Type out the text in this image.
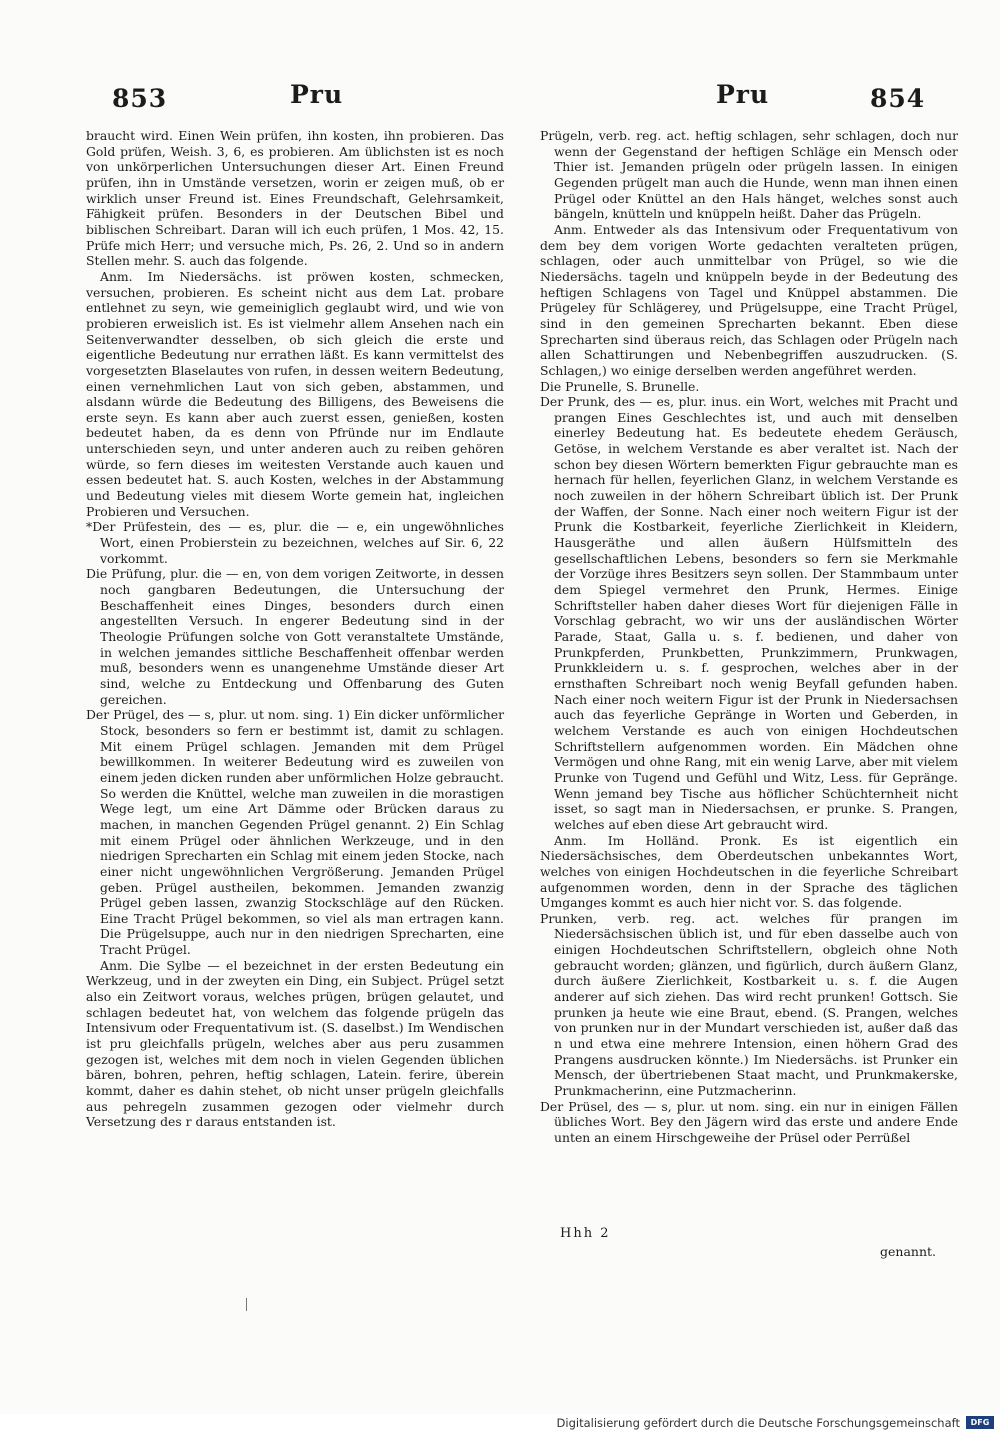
853	Pru	Pru	854

braucht wird. Einen Wein prüfen, ihn kosten, ihn probieren. Das Gold prüfen, Weish. 3, 6, es probieren. Am üblichsten ist es noch von unkörperlichen Untersuchungen dieser Art. Einen Freund prüfen, ihn in Umstände versetzen, worin er zeigen muß, ob er wirklich unser Freund ist. Eines Freundschaft, Gelehrsamkeit, Fähigkeit prüfen. Besonders in der Deutschen Bibel und biblischen Schreibart. Daran will ich euch prüfen, 1 Mos. 42, 15. Prüfe mich Herr; und versuche mich, Ps. 26, 2. Und so in andern Stellen mehr. S. auch das folgende.

Anm. Im Niedersächs. ist pröwen kosten, schmecken, versuchen, probieren. Es scheint nicht aus dem Lat. probare entlehnet zu seyn, wie gemeiniglich geglaubt wird, und wie von probieren erweislich ist. Es ist vielmehr allem Ansehen nach ein Seitenverwandter desselben, ob sich gleich die erste und eigentliche Bedeutung nur errathen läßt. Es kann vermittelst des vorgesetzten Blaselautes von rufen, in dessen weitern Bedeutung, einen vernehmlichen Laut von sich geben, abstammen, und alsdann würde die Bedeutung des Billigens, des Beweisens die erste seyn. Es kann aber auch zuerst essen, genießen, kosten bedeutet haben, da es denn von Pfründe nur im Endlaute unterschieden seyn, und unter anderen auch zu reiben gehören würde, so fern dieses im weitesten Verstande auch kauen und essen bedeutet hat. S. auch Kosten, welches in der Abstammung und Bedeutung vieles mit diesem Worte gemein hat, ingleichen Probieren und Versuchen.

*Der Prüfestein, des — es, plur. die — e, ein ungewöhnliches Wort, einen Probierstein zu bezeichnen, welches auf Sir. 6, 22 vorkommt.

Die Prüfung, plur. die — en, von dem vorigen Zeitworte, in dessen noch gangbaren Bedeutungen, die Untersuchung der Beschaffenheit eines Dinges, besonders durch einen angestellten Versuch. In engerer Bedeutung sind in der Theologie Prüfungen solche von Gott veranstaltete Umstände, in welchen jemandes sittliche Beschaffenheit offenbar werden muß, besonders wenn es unangenehme Umstände dieser Art sind, welche zu Entdeckung und Offenbarung des Guten gereichen.

Der Prügel, des — s, plur. ut nom. sing. 1) Ein dicker unförmlicher Stock, besonders so fern er bestimmt ist, damit zu schlagen. Mit einem Prügel schlagen. Jemanden mit dem Prügel bewillkommen. In weiterer Bedeutung wird es zuweilen von einem jeden dicken runden aber unförmlichen Holze gebraucht. So werden die Knüttel, welche man zuweilen in die morastigen Wege legt, um eine Art Dämme oder Brücken daraus zu machen, in manchen Gegenden Prügel genannt. 2) Ein Schlag mit einem Prügel oder ähnlichen Werkzeuge, und in den niedrigen Sprecharten ein Schlag mit einem jeden Stocke, nach einer nicht ungewöhnlichen Vergrößerung. Jemanden Prügel geben. Prügel austheilen, bekommen. Jemanden zwanzig Prügel geben lassen, zwanzig Stockschläge auf den Rücken. Eine Tracht Prügel bekommen, so viel als man ertragen kann. Die Prügelsuppe, auch nur in den niedrigen Sprecharten, eine Tracht Prügel.

Anm. Die Sylbe — el bezeichnet in der ersten Bedeutung ein Werkzeug, und in der zweyten ein Ding, ein Subject. Prügel setzt also ein Zeitwort voraus, welches prügen, brügen gelautet, und schlagen bedeutet hat, von welchem das folgende prügeln das Intensivum oder Frequentativum ist. (S. daselbst.) Im Wendischen ist pru gleichfalls prügeln, welches aber aus peru zusammen gezogen ist, welches mit dem noch in vielen Gegenden üblichen bären, bohren, pehren, heftig schlagen, Latein. ferire, überein kommt, daher es dahin stehet, ob nicht unser prügeln gleichfalls aus pehregeln zusammen gezogen oder vielmehr durch Versetzung des r daraus entstanden ist.

Prügeln, verb. reg. act. heftig schlagen, sehr schlagen, doch nur wenn der Gegenstand der heftigen Schläge ein Mensch oder Thier ist. Jemanden prügeln oder prügeln lassen. In einigen Gegenden prügelt man auch die Hunde, wenn man ihnen einen Prügel oder Knüttel an den Hals hänget, welches sonst auch bängeln, knütteln und knüppeln heißt. Daher das Prügeln.

Anm. Entweder als das Intensivum oder Frequentativum von dem bey dem vorigen Worte gedachten veralteten prügen, schlagen, oder auch unmittelbar von Prügel, so wie die Niedersächs. tageln und knüppeln beyde in der Bedeutung des heftigen Schlagens von Tagel und Knüppel abstammen. Die Prügeley für Schlägerey, und Prügelsuppe, eine Tracht Prügel, sind in den gemeinen Sprecharten bekannt. Eben diese Sprecharten sind überaus reich, das Schlagen oder Prügeln nach allen Schattirungen und Nebenbegriffen auszudrucken. (S. Schlagen,) wo einige derselben werden angeführet werden.

Die Prunelle, S. Brunelle.

Der Prunk, des — es, plur. inus. ein Wort, welches mit Pracht und prangen Eines Geschlechtes ist, und auch mit denselben einerley Bedeutung hat. Es bedeutete ehedem Geräusch, Getöse, in welchem Verstande es aber veraltet ist. Nach der schon bey diesen Wörtern bemerkten Figur gebrauchte man es hernach für hellen, feyerlichen Glanz, in welchem Verstande es noch zuweilen in der höhern Schreibart üblich ist. Der Prunk der Waffen, der Sonne. Nach einer noch weitern Figur ist der Prunk die Kostbarkeit, feyerliche Zierlichkeit in Kleidern, Hausgeräthe und allen äußern Hülfsmitteln des gesellschaftlichen Lebens, besonders so fern sie Merkmahle der Vorzüge ihres Besitzers seyn sollen. Der Stammbaum unter dem Spiegel vermehret den Prunk, Hermes. Einige Schriftsteller haben daher dieses Wort für diejenigen Fälle in Vorschlag gebracht, wo wir uns der ausländischen Wörter Parade, Staat, Galla u. s. f. bedienen, und daher von Prunkpferden, Prunkbetten, Prunkzimmern, Prunkwagen, Prunkkleidern u. s. f. gesprochen, welches aber in der ernsthaften Schreibart noch wenig Beyfall gefunden haben. Nach einer noch weitern Figur ist der Prunk in Niedersachsen auch das feyerliche Gepränge in Worten und Geberden, in welchem Verstande es auch von einigen Hochdeutschen Schriftstellern aufgenommen worden. Ein Mädchen ohne Vermögen und ohne Rang, mit ein wenig Larve, aber mit vielem Prunke von Tugend und Gefühl und Witz, Less. für Gepränge. Wenn jemand bey Tische aus höflicher Schüchternheit nicht isset, so sagt man in Niedersachsen, er prunke. S. Prangen, welches auf eben diese Art gebraucht wird.

Anm. Im Holländ. Pronk. Es ist eigentlich ein Niedersächsisches, dem Oberdeutschen unbekanntes Wort, welches von einigen Hochdeutschen in die feyerliche Schreibart aufgenommen worden, denn in der Sprache des täglichen Umganges kommt es auch hier nicht vor. S. das folgende.

Prunken, verb. reg. act. welches für prangen im Niedersächsischen üblich ist, und für eben dasselbe auch von einigen Hochdeutschen Schriftstellern, obgleich ohne Noth gebraucht worden; glänzen, und figürlich, durch äußern Glanz, durch äußere Zierlichkeit, Kostbarkeit u. s. f. die Augen anderer auf sich ziehen. Das wird recht prunken! Gottsch. Sie prunken ja heute wie eine Braut, ebend. (S. Prangen, welches von prunken nur in der Mundart verschieden ist, außer daß das n und etwa eine mehrere Intension, einen höhern Grad des Prangens ausdrucken könnte.) Im Niedersächs. ist Prunker ein Mensch, der übertriebenen Staat macht, und Prunkmakerske, Prunkmacherinn, eine Putzmacherinn.

Der Prüsel, des — s, plur. ut nom. sing. ein nur in einigen Fällen übliches Wort. Bey den Jägern wird das erste und andere Ende unten an einem Hirschgeweihe der Prüsel oder Perrüßel

Hhh 2
genannt.
Digitalisierung gefördert durch die Deutsche Forschungsgemeinschaft	DFG
